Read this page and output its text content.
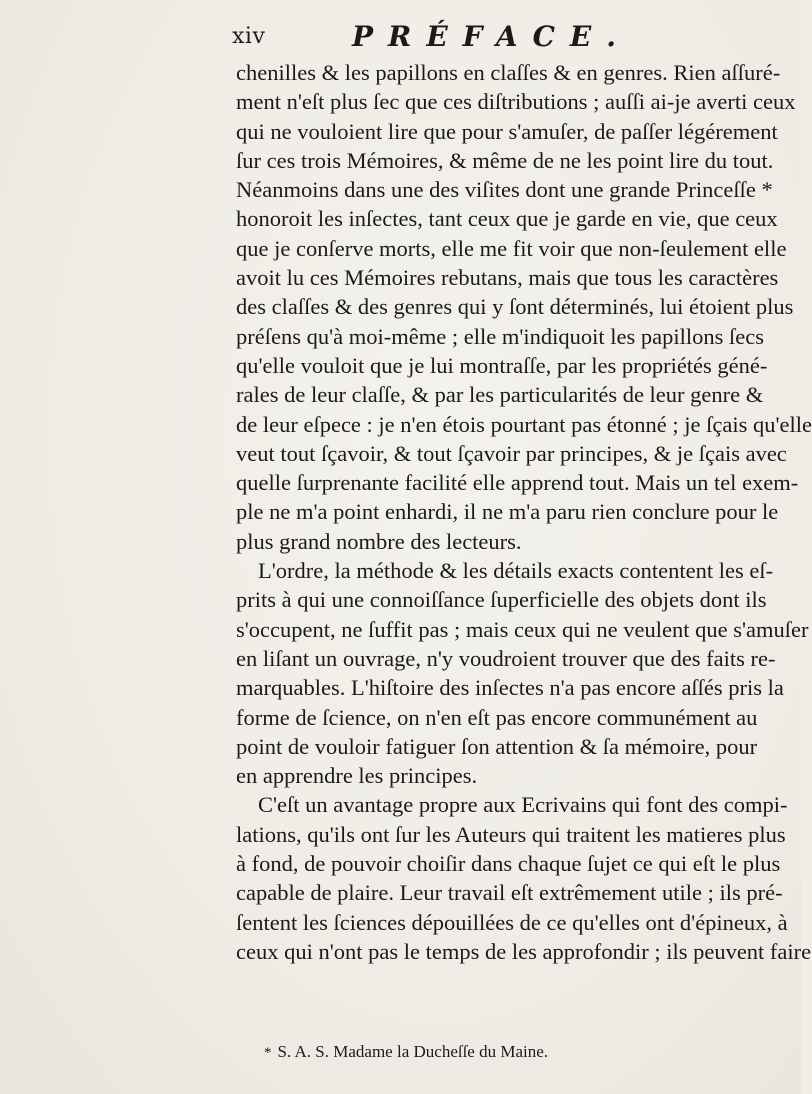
xiv	PRÉFACE.
chenilles & les papillons en claſſes & en genres. Rien aſſuré-
ment n'eſt plus ſec que ces diſtributions ; auſſi ai-je averti ceux
qui ne vouloient lire que pour s'amuſer, de paſſer légérement
ſur ces trois Mémoires, & même de ne les point lire du tout.
Néanmoins dans une des viſites dont une grande Princeſſe *
honoroit les inſectes, tant ceux que je garde en vie, que ceux
que je conſerve morts, elle me fit voir que non-ſeulement elle
avoit lu ces Mémoires rebutans, mais que tous les caractères
des claſſes & des genres qui y ſont déterminés, lui étoient plus
préſens qu'à moi-même ; elle m'indiquoit les papillons ſecs
qu'elle vouloit que je lui montraſſe, par les propriétés géné-
rales de leur claſſe, & par les particularités de leur genre &
de leur eſpece : je n'en étois pourtant pas étonné ; je ſçais qu'elle
veut tout ſçavoir, & tout ſçavoir par principes, & je ſçais avec
quelle ſurprenante facilité elle apprend tout. Mais un tel exem-
ple ne m'a point enhardi, il ne m'a paru rien conclure pour le
plus grand nombre des lecteurs.
L'ordre, la méthode & les détails exacts contentent les eſ-
prits à qui une connoiſſance ſuperficielle des objets dont ils
s'occupent, ne ſuffit pas ; mais ceux qui ne veulent que s'amuſer
en liſant un ouvrage, n'y voudroient trouver que des faits re-
marquables. L'hiſtoire des inſectes n'a pas encore aſſés pris la
forme de ſcience, on n'en eſt pas encore communément au
point de vouloir fatiguer ſon attention & ſa mémoire, pour
en apprendre les principes.
C'eſt un avantage propre aux Ecrivains qui font des compi-
lations, qu'ils ont ſur les Auteurs qui traitent les matieres plus
à fond, de pouvoir choiſir dans chaque ſujet ce qui eſt le plus
capable de plaire. Leur travail eſt extrêmement utile ; ils pré-
ſentent les ſciences dépouillées de ce qu'elles ont d'épineux, à
ceux qui n'ont pas le temps de les approfondir ; ils peuvent faire
* S. A. S. Madame la Ducheſſe du Maine.
